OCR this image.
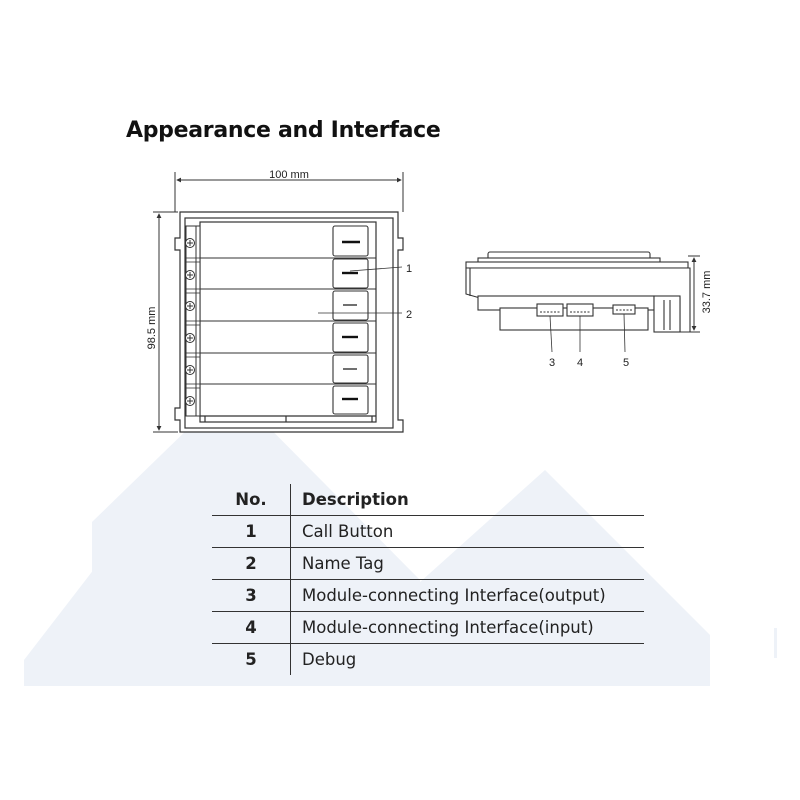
Appearance and Interface
100 mm
98.5 mm
1
2
33.7 mm
3 4	5
No.	Description
1	Call Button
2	Name Tag
3	Module-connecting Interface(output)
4	Module-connecting Interface(input)
5	Debug
